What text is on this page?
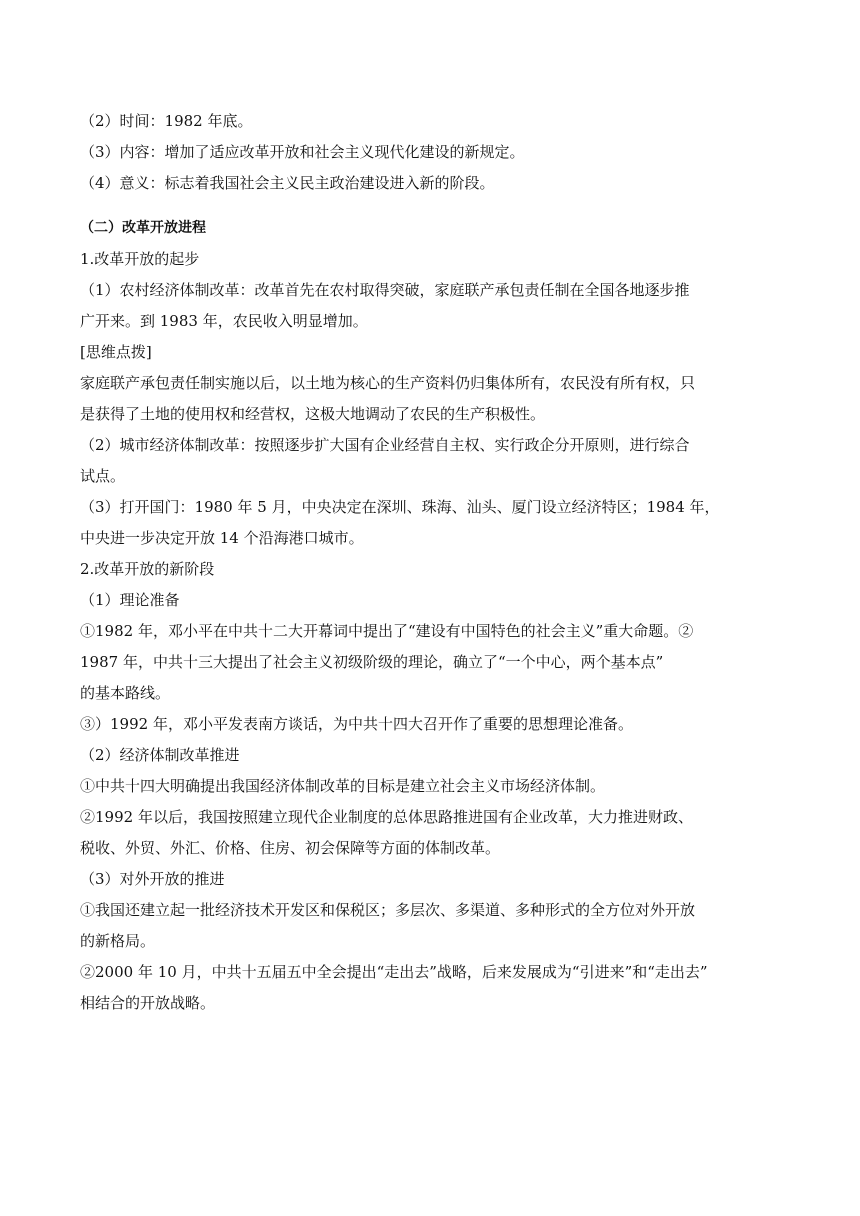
（2）时间：1982 年底。

（3）内容：增加了适应改革开放和社会主义现代化建设的新规定。

（4）意义：标志着我国社会主义民主政治建设进入新的阶段。

（二）改革开放进程

1.改革开放的起步

（1）农村经济体制改革：改革首先在农村取得突破，家庭联产承包责任制在全国各地逐步推

广开来。到 1983 年，农民收入明显增加。

[思维点拨]

家庭联产承包责任制实施以后，以土地为核心的生产资料仍归集体所有，农民没有所有权，只

是获得了土地的使用权和经营权，这极大地调动了农民的生产积极性。

（2）城市经济体制改革：按照逐步扩大国有企业经营自主权、实行政企分开原则，进行综合

试点。

（3）打开国门：1980 年 5 月，中央决定在深圳、珠海、汕头、厦门设立经济特区；1984 年，

中央进一步决定开放 14 个沿海港口城市。

2.改革开放的新阶段

（1）理论准备

①1982 年，邓小平在中共十二大开幕词中提出了“建设有中国特色的社会主义”重大命题。②

1987 年，中共十三大提出了社会主义初级阶级的理论，确立了“一个中心，两个基本点”

的基本路线。

③）1992 年，邓小平发表南方谈话，为中共十四大召开作了重要的思想理论准备。

（2）经济体制改革推进

①中共十四大明确提出我国经济体制改革的目标是建立社会主义市场经济体制。

②1992 年以后，我国按照建立现代企业制度的总体思路推进国有企业改革，大力推进财政、

税收、外贸、外汇、价格、住房、初会保障等方面的体制改革。

（3）对外开放的推进

①我国还建立起一批经济技术开发区和保税区；多层次、多渠道、多种形式的全方位对外开放

的新格局。

②2000 年 10 月，中共十五届五中全会提出“走出去”战略，后来发展成为“引进来”和“走出去”

相结合的开放战略。
